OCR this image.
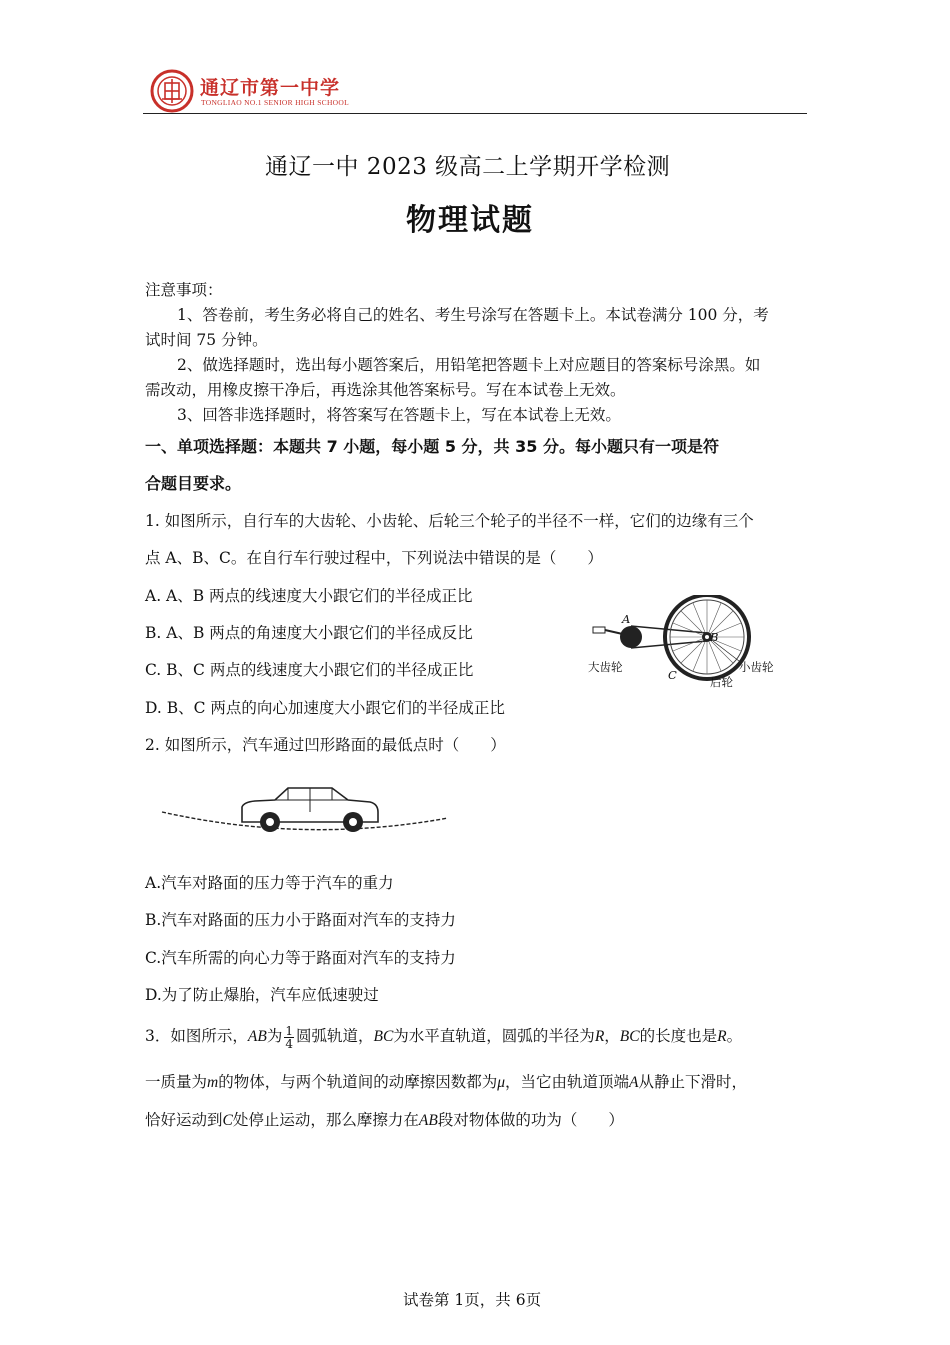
通辽市第一中学
TONGLIAO NO.1 SENIOR HIGH SCHOOL
通辽一中 2023 级高二上学期开学检测
物理试题
注意事项：
1、答卷前，考生务必将自己的姓名、考生号涂写在答题卡上。本试卷满分 100 分，考
试时间 75 分钟。
2、做选择题时，选出每小题答案后，用铅笔把答题卡上对应题目的答案标号涂黑。如
需改动，用橡皮擦干净后，再选涂其他答案标号。写在本试卷上无效。
3、回答非选择题时，将答案写在答题卡上，写在本试卷上无效。
一、单项选择题：本题共 7 小题，每小题 5 分，共 35 分。每小题只有一项是符
合题目要求。
1. 如图所示，自行车的大齿轮、小齿轮、后轮三个轮子的半径不一样，它们的边缘有三个
点 A、B、C。在自行车行驶过程中，下列说法中错误的是（　　）
A. A、B 两点的线速度大小跟它们的半径成正比
B. A、B 两点的角速度大小跟它们的半径成反比
C. B、C 两点的线速度大小跟它们的半径成正比
D. B、C 两点的向心加速度大小跟它们的半径成正比
A
B
C
大齿轮	小齿轮
后轮
2. 如图所示，汽车通过凹形路面的最低点时（　　）
A.汽车对路面的压力等于汽车的重力
B.汽车对路面的压力小于路面对汽车的支持力
C.汽车所需的向心力等于路面对汽车的支持力
D.为了防止爆胎，汽车应低速驶过
3．如图所示，AB为 $\frac{1}{4}$ 圆弧轨道，BC为水平直轨道，圆弧的半径为R，BC的长度也是R。
一质量为m的物体，与两个轨道间的动摩擦因数都为μ，当它由轨道顶端A从静止下滑时，
恰好运动到C处停止运动，那么摩擦力在AB段对物体做的功为（　　）
试卷第 1页，共 6页
